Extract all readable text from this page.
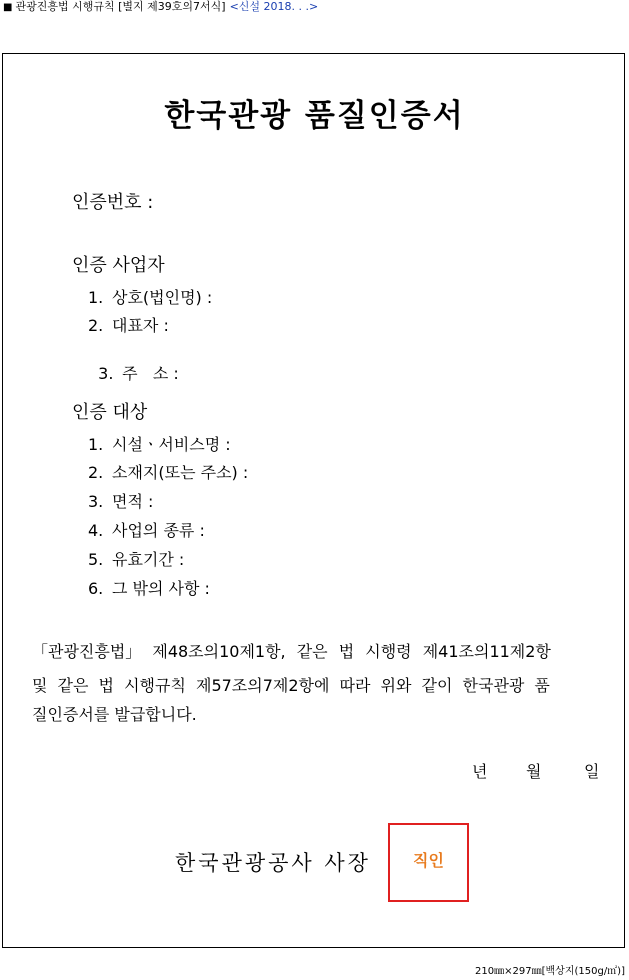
■ 관광진흥법 시행규칙 [별지 제39호의7서식] <신설 2018. . .>
한국관광 품질인증서
인증번호 :
인증 사업자
1. 상호(법인명) :
2. 대표자 :

3. 주   소 :

인증 대상
1. 시설ㆍ서비스명 :
2. 소재지(또는 주소) :
3. 면적 :
4. 사업의 종류 :
5. 유효기간 :
6. 그 밖의 사항 :
「관광진흥법」 제48조의10제1항, 같은 법 시행령 제41조의11제2항
및 같은 법 시행규칙 제57조의7제2항에 따라 위와 같이 한국관광 품
질인증서를 발급합니다.
년 월	일
한국관광공사 사장	직인
210㎜×297㎜[백상지(150g/㎡)]
